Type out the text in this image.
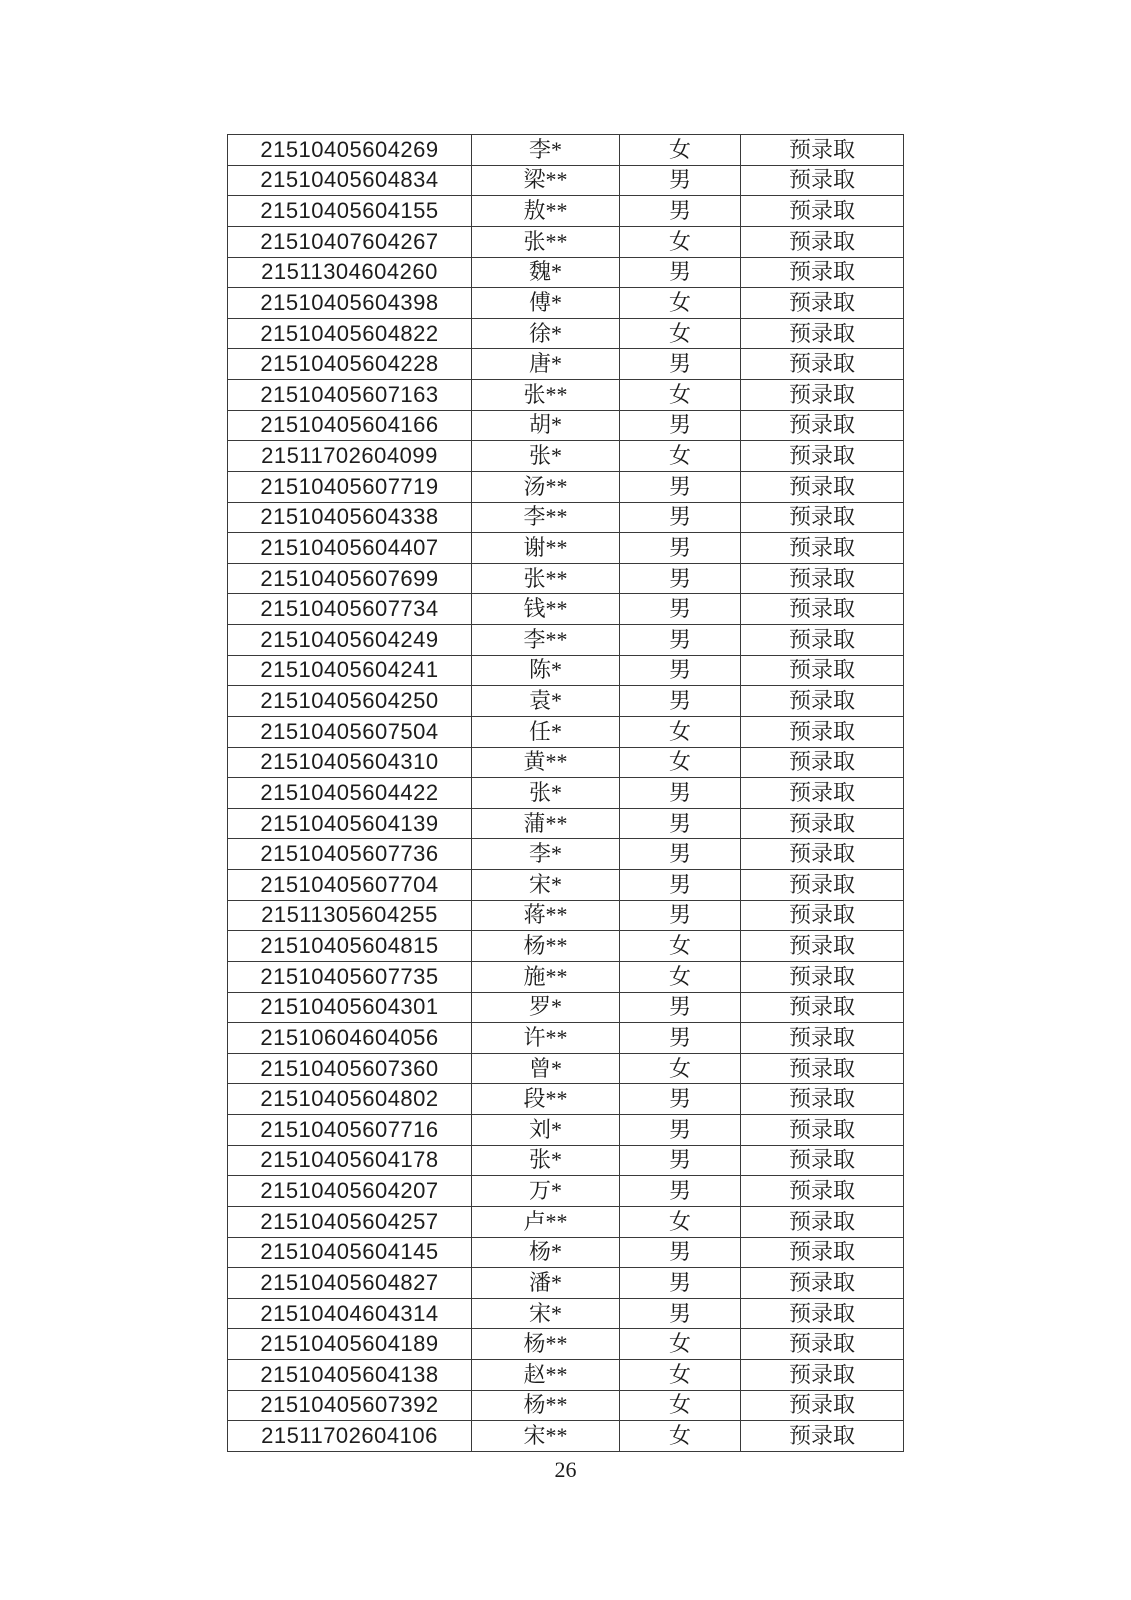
21510405604269	李*	女	预录取
21510405604834	梁**	男	预录取
21510405604155	敖**	男	预录取
21510407604267	张**	女	预录取
21511304604260	魏*	男	预录取
21510405604398	傅*	女	预录取
21510405604822	徐*	女	预录取
21510405604228	唐*	男	预录取
21510405607163	张**	女	预录取
21510405604166	胡*	男	预录取
21511702604099	张*	女	预录取
21510405607719	汤**	男	预录取
21510405604338	李**	男	预录取
21510405604407	谢**	男	预录取
21510405607699	张**	男	预录取
21510405607734	钱**	男	预录取
21510405604249	李**	男	预录取
21510405604241	陈*	男	预录取
21510405604250	袁*	男	预录取
21510405607504	任*	女	预录取
21510405604310	黄**	女	预录取
21510405604422	张*	男	预录取
21510405604139	蒲**	男	预录取
21510405607736	李*	男	预录取
21510405607704	宋*	男	预录取
21511305604255	蒋**	男	预录取
21510405604815	杨**	女	预录取
21510405607735	施**	女	预录取
21510405604301	罗*	男	预录取
21510604604056	许**	男	预录取
21510405607360	曾*	女	预录取
21510405604802	段**	男	预录取
21510405607716	刘*	男	预录取
21510405604178	张*	男	预录取
21510405604207	万*	男	预录取
21510405604257	卢**	女	预录取
21510405604145	杨*	男	预录取
21510405604827	潘*	男	预录取
21510404604314	宋*	男	预录取
21510405604189	杨**	女	预录取
21510405604138	赵**	女	预录取
21510405607392	杨**	女	预录取
21511702604106	宋**	女	预录取
26
